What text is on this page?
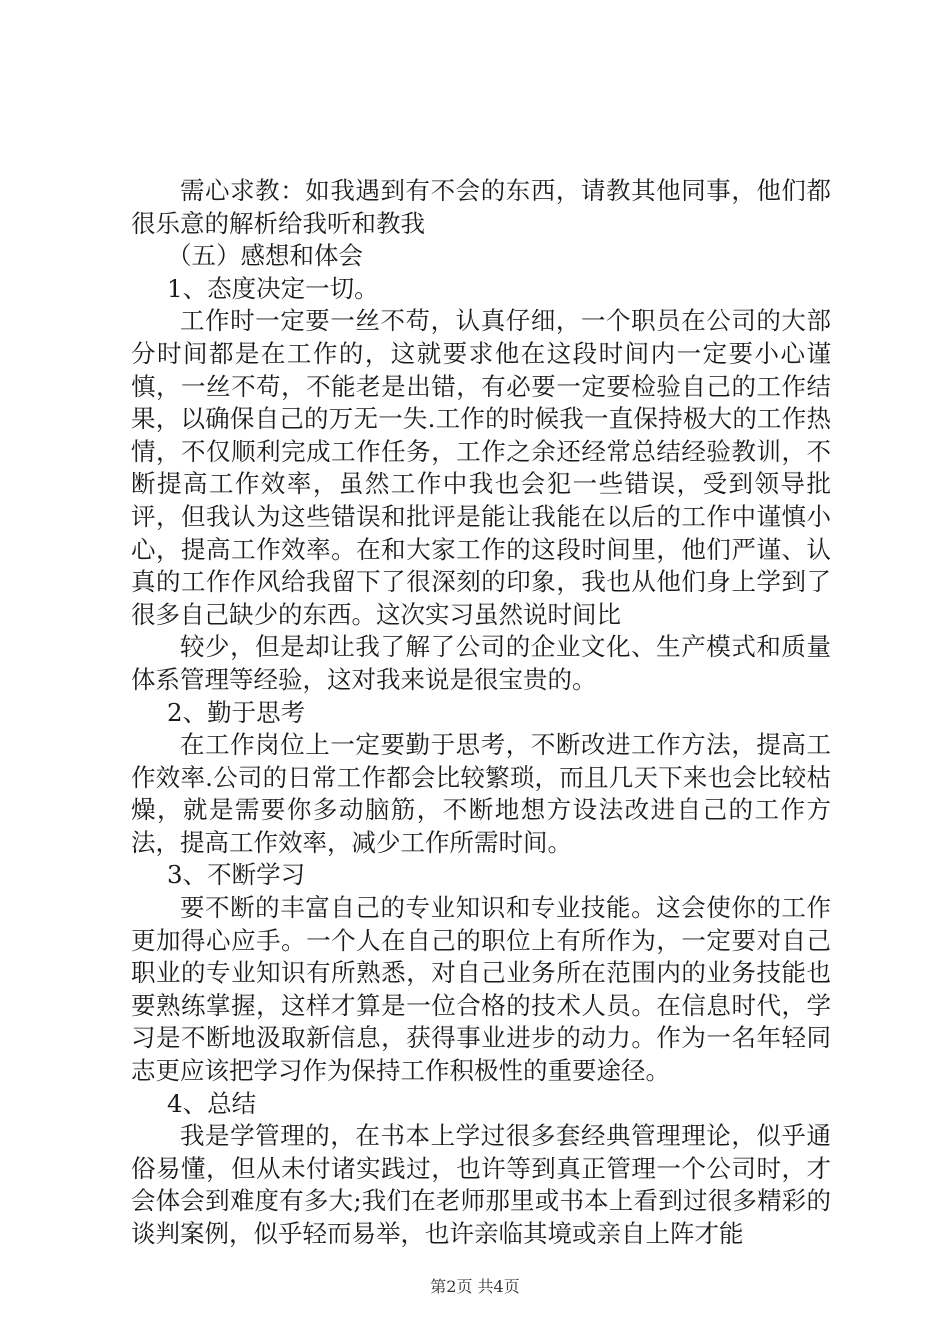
需心求教：如我遇到有不会的东西，请教其他同事，他们都很乐意的解析给我听和教我

（五）感想和体会

1、态度决定一切。

工作时一定要一丝不苟，认真仔细，一个职员在公司的大部分时间都是在工作的，这就要求他在这段时间内一定要小心谨慎，一丝不苟，不能老是出错，有必要一定要检验自己的工作结果，以确保自己的万无一失.工作的时候我一直保持极大的工作热情，不仅顺利完成工作任务，工作之余还经常总结经验教训，不断提高工作效率，虽然工作中我也会犯一些错误，受到领导批评，但我认为这些错误和批评是能让我能在以后的工作中谨慎小心，提高工作效率。在和大家工作的这段时间里，他们严谨、认真的工作作风给我留下了很深刻的印象，我也从他们身上学到了很多自己缺少的东西。这次实习虽然说时间比

较少，但是却让我了解了公司的企业文化、生产模式和质量体系管理等经验，这对我来说是很宝贵的。

2、勤于思考

在工作岗位上一定要勤于思考，不断改进工作方法，提高工作效率.公司的日常工作都会比较繁琐，而且几天下来也会比较枯燥，就是需要你多动脑筋，不断地想方设法改进自己的工作方法，提高工作效率，减少工作所需时间。

3、不断学习

要不断的丰富自己的专业知识和专业技能。这会使你的工作更加得心应手。一个人在自己的职位上有所作为，一定要对自己职业的专业知识有所熟悉，对自己业务所在范围内的业务技能也要熟练掌握，这样才算是一位合格的技术人员。在信息时代，学习是不断地汲取新信息，获得事业进步的动力。作为一名年轻同志更应该把学习作为保持工作积极性的重要途径。

4、总结

我是学管理的，在书本上学过很多套经典管理理论，似乎通俗易懂，但从未付诸实践过，也许等到真正管理一个公司时，才会体会到难度有多大;我们在老师那里或书本上看到过很多精彩的谈判案例，似乎轻而易举，也许亲临其境或亲自上阵才能

第2页 共4页
